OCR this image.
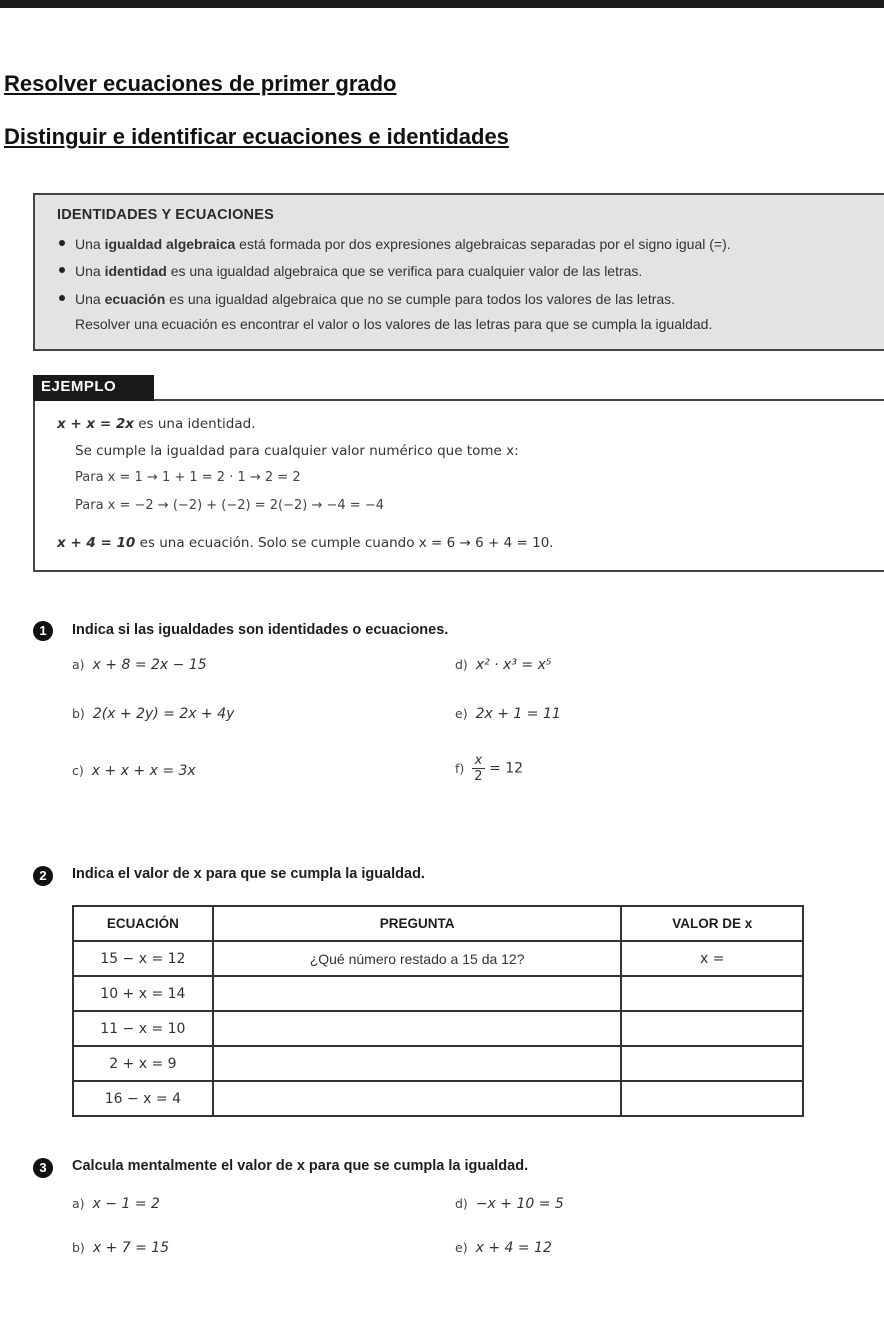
Resolver ecuaciones de primer grado
Distinguir e identificar ecuaciones e identidades
IDENTIDADES Y ECUACIONES
Una igualdad algebraica está formada por dos expresiones algebraicas separadas por el signo igual (=).
Una identidad es una igualdad algebraica que se verifica para cualquier valor de las letras.
Una ecuación es una igualdad algebraica que no se cumple para todos los valores de las letras.
Resolver una ecuación es encontrar el valor o los valores de las letras para que se cumpla la igualdad.
EJEMPLO
x + x = 2x es una identidad.
Se cumple la igualdad para cualquier valor numérico que tome x:
Para x = 1 → 1 + 1 = 2 · 1 → 2 = 2
Para x = −2 → (−2) + (−2) = 2(−2) → −4 = −4
x + 4 = 10 es una ecuación. Solo se cumple cuando x = 6 → 6 + 4 = 10.
1	Indica si las igualdades son identidades o ecuaciones.
a) x + 8 = 2x − 15
b) 2(x + 2y) = 2x + 4y
c) x + x + x = 3x
d) x² · x³ = x⁵
e) 2x + 1 = 11
$f) \frac{x}{2} = 12$
2	Indica el valor de x para que se cumpla la igualdad.
ECUACIÓN	PREGUNTA	VALOR DE x
15 − x = 12	¿Qué número restado a 15 da 12?	x =
10 + x = 14		
11 − x = 10		
2 + x = 9		
16 − x = 4		
3	Calcula mentalmente el valor de x para que se cumpla la igualdad.
a) x − 1 = 2
b) x + 7 = 15
d) −x + 10 = 5
e) x + 4 = 12
